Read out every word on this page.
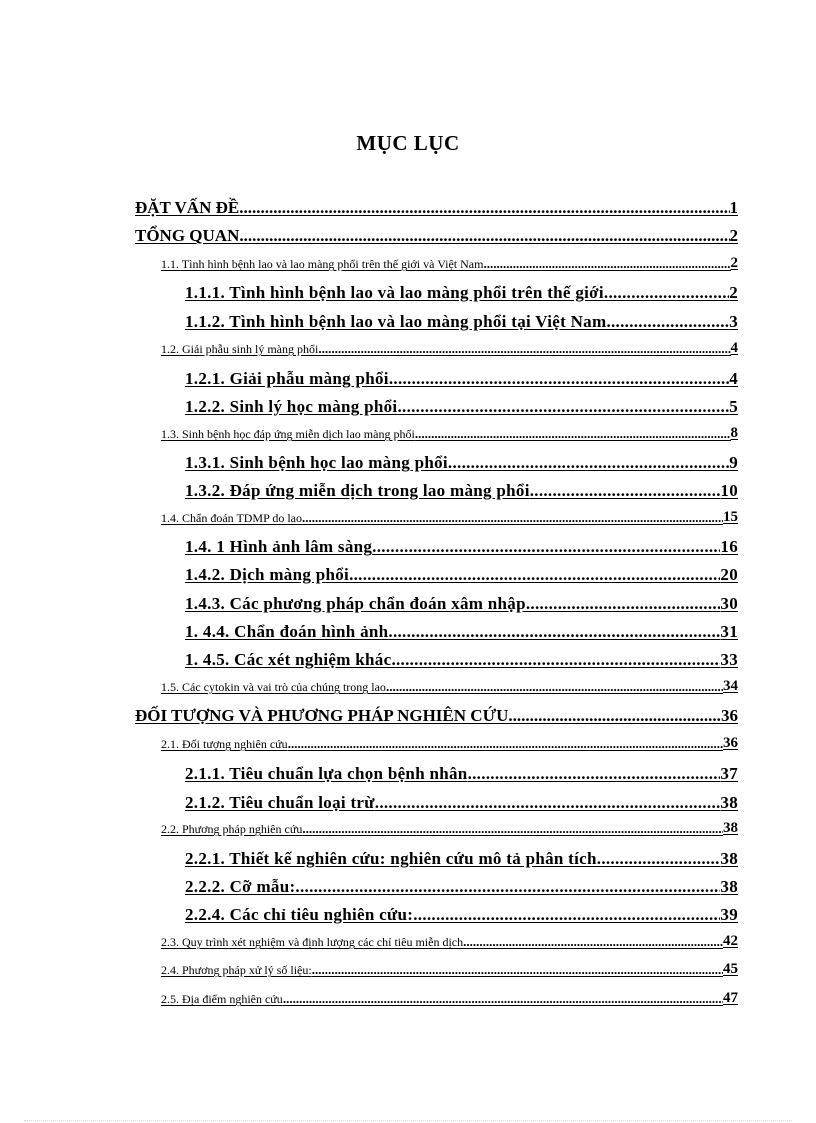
MỤC LỤC
ĐẶT VẤN ĐỀ .....	1
TỔNG QUAN .....	2
1.1. Tình hình bệnh lao và lao màng phổi trên thế giới và Việt Nam .....	2
1.1.1. Tình hình bệnh lao và lao màng phổi trên thế giới .....	2
1.1.2. Tình hình bệnh lao và lao màng phổi tại Việt Nam .....	3
1.2. Giải phẫu sinh lý màng phổi .....	4
1.2.1. Giải phẫu màng phổi .....	4
1.2.2. Sinh lý học màng phổi .....	5
1.3. Sinh bệnh học đáp ứng miễn dịch lao màng phổi .....	8
1.3.1. Sinh bệnh học lao màng phổi .....	9
1.3.2. Đáp ứng miễn dịch trong lao màng phổi .....	10
1.4. Chẩn đoán TDMP do lao .....	15
1.4. 1 Hình ảnh lâm sàng .....	16
1.4.2. Dịch màng phổi .....	20
1.4.3. Các phương pháp chẩn đoán xâm nhập .....	30
1. 4.4. Chẩn đoán hình ảnh .....	31
1. 4.5. Các xét nghiệm khác .....	33
1.5. Các cytokin và vai trò của chúng trong lao .....	34
ĐỐI TƯỢNG VÀ PHƯƠNG PHÁP NGHIÊN CỨU .....	36
2.1. Đối tượng nghiên cứu .....	36
2.1.1. Tiêu chuẩn lựa chọn bệnh nhân .....	37
2.1.2. Tiêu chuẩn loại trừ .....	38
2.2. Phương pháp nghiên cứu .....	38
2.2.1. Thiết kế nghiên cứu: nghiên cứu mô tả phân tích. .....	38
2.2.2. Cỡ mẫu: .....	38
2.2.4. Các chỉ tiêu nghiên cứu: .....	39
2.3. Quy trình xét nghiệm và định lượng các chỉ tiêu miễn dịch .....	42
2.4. Phương pháp xử lý số liệu: .....	45
2.5. Địa điểm nghiên cứu .....	47
